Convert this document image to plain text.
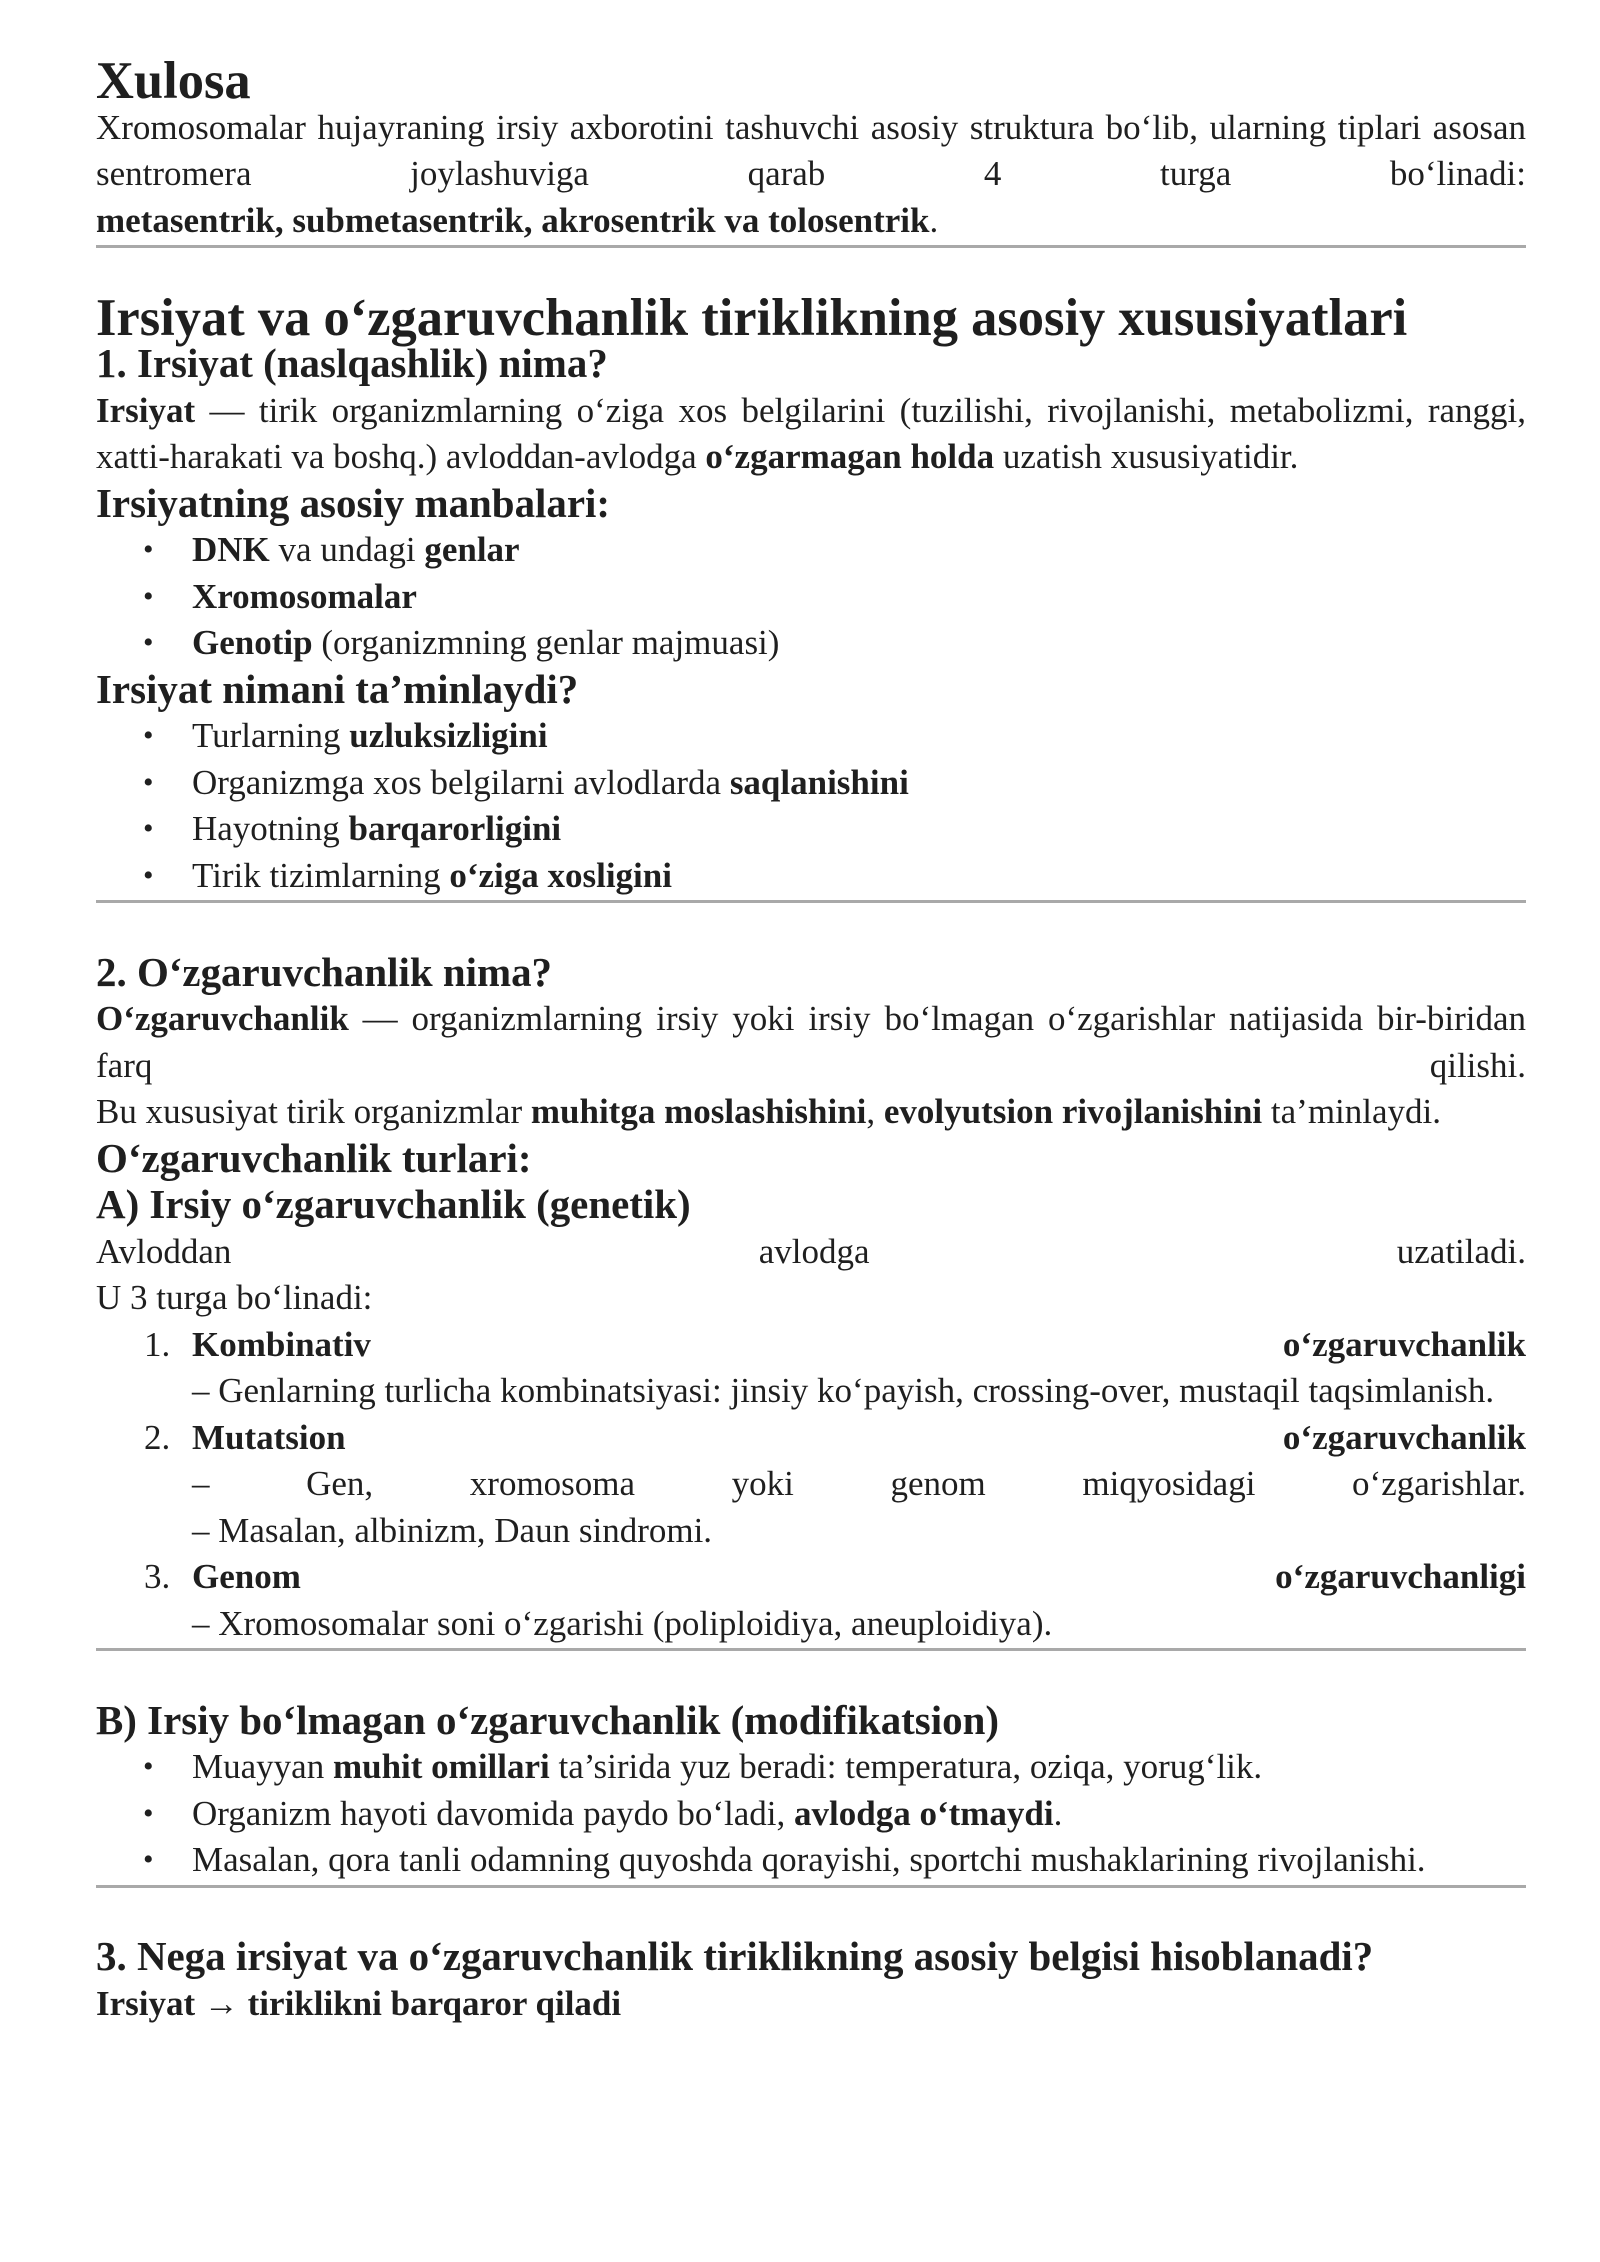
Xulosa

Xromosomalar hujayraning irsiy axborotini tashuvchi asosiy struktura bo‘lib, ularning tiplari asosan sentromera joylashuviga qarab 4 turga bo‘linadi:

metasentrik, submetasentrik, akrosentrik va tolosentrik.

Irsiyat va o‘zgaruvchanlik tiriklikning asosiy xususiyatlari
1. Irsiyat (naslqashlik) nima?

Irsiyat — tirik organizmlarning o‘ziga xos belgilarini (tuzilishi, rivojlanishi, metabolizmi, ranggi, xatti-harakati va boshq.) avloddan-avlodga o‘zgarmagan holda uzatish xususiyatidir.

Irsiyatning asosiy manbalari:
• DNK va undagi genlar
• Xromosomalar
• Genotip (organizmning genlar majmuasi)
Irsiyat nimani ta’minlaydi?
• Turlarning uzluksizligini
• Organizmga xos belgilarni avlodlarda saqlanishini
• Hayotning barqarorligini
• Tirik tizimlarning o‘ziga xosligini
2. O‘zgaruvchanlik nima?

O‘zgaruvchanlik — organizmlarning irsiy yoki irsiy bo‘lmagan o‘zgarishlar natijasida bir-biridan farq qilishi.

Bu xususiyat tirik organizmlar muhitga moslashishini, evolyutsion rivojlanishini ta’minlaydi.

O‘zgaruvchanlik turlari:
A) Irsiy o‘zgaruvchanlik (genetik)

Avloddan avlodga uzatiladi.

U 3 turga bo‘linadi:

1. Kombinativ o‘zgaruvchanlik
– Genlarning turlicha kombinatsiyasi: jinsiy ko‘payish, crossing-over, mustaqil taqsimlanish.
2. Mutatsion o‘zgaruvchanlik
– Gen, xromosoma yoki genom miqyosidagi o‘zgarishlar.
– Masalan, albinizm, Daun sindromi.
3. Genom o‘zgaruvchanligi
– Xromosomalar soni o‘zgarishi (poliploidiya, aneuploidiya).
B) Irsiy bo‘lmagan o‘zgaruvchanlik (modifikatsion)
• Muayyan muhit omillari ta’sirida yuz beradi: temperatura, oziqa, yorug‘lik.
• Organizm hayoti davomida paydo bo‘ladi, avlodga o‘tmaydi.
• Masalan, qora tanli odamning quyoshda qorayishi, sportchi mushaklarining rivojlanishi.
3. Nega irsiyat va o‘zgaruvchanlik tiriklikning asosiy belgisi hisoblanadi?

Irsiyat → tiriklikni barqaror qiladi
